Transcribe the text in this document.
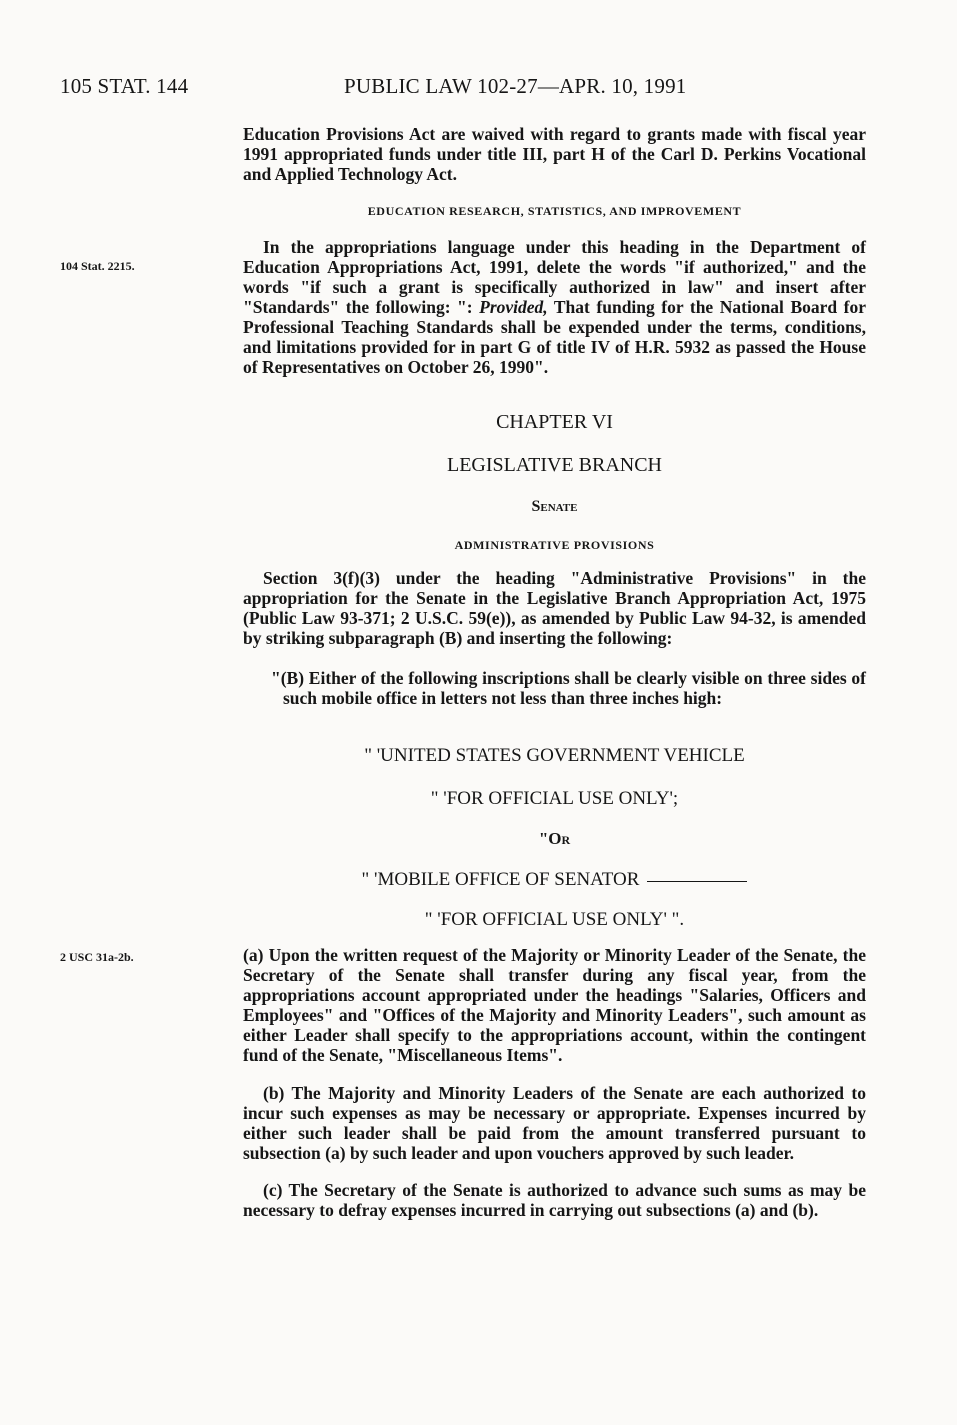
105 STAT. 144	PUBLIC LAW 102-27—APR. 10, 1991
Education Provisions Act are waived with regard to grants made with fiscal year 1991 appropriated funds under title III, part H of the Carl D. Perkins Vocational and Applied Technology Act.
EDUCATION RESEARCH, STATISTICS, AND IMPROVEMENT
104 Stat. 2215.
In the appropriations language under this heading in the Department of Education Appropriations Act, 1991, delete the words "if authorized," and the words "if such a grant is specifically authorized in law" and insert after "Standards" the following: ": Provided, That funding for the National Board for Professional Teaching Standards shall be expended under the terms, conditions, and limitations provided for in part G of title IV of H.R. 5932 as passed the House of Representatives on October 26, 1990".
CHAPTER VI
LEGISLATIVE BRANCH
Senate
ADMINISTRATIVE PROVISIONS
Section 3(f)(3) under the heading "Administrative Provisions" in the appropriation for the Senate in the Legislative Branch Appropriation Act, 1975 (Public Law 93-371; 2 U.S.C. 59(e)), as amended by Public Law 94-32, is amended by striking subparagraph (B) and inserting the following:
"(B) Either of the following inscriptions shall be clearly visible on three sides of such mobile office in letters not less than three inches high:
" 'UNITED STATES GOVERNMENT VEHICLE
" 'FOR OFFICIAL USE ONLY';
"Or
" 'MOBILE OFFICE OF SENATOR
" 'FOR OFFICIAL USE ONLY' ".
2 USC 31a-2b.	(a) Upon the written request of the Majority or Minority Leader of the Senate, the Secretary of the Senate shall transfer during any fiscal year, from the appropriations account appropriated under the headings "Salaries, Officers and Employees" and "Offices of the Majority and Minority Leaders", such amount as either Leader shall specify to the appropriations account, within the contingent fund of the Senate, "Miscellaneous Items".
(b) The Majority and Minority Leaders of the Senate are each authorized to incur such expenses as may be necessary or appropriate. Expenses incurred by either such leader shall be paid from the amount transferred pursuant to subsection (a) by such leader and upon vouchers approved by such leader.
(c) The Secretary of the Senate is authorized to advance such sums as may be necessary to defray expenses incurred in carrying out subsections (a) and (b).
